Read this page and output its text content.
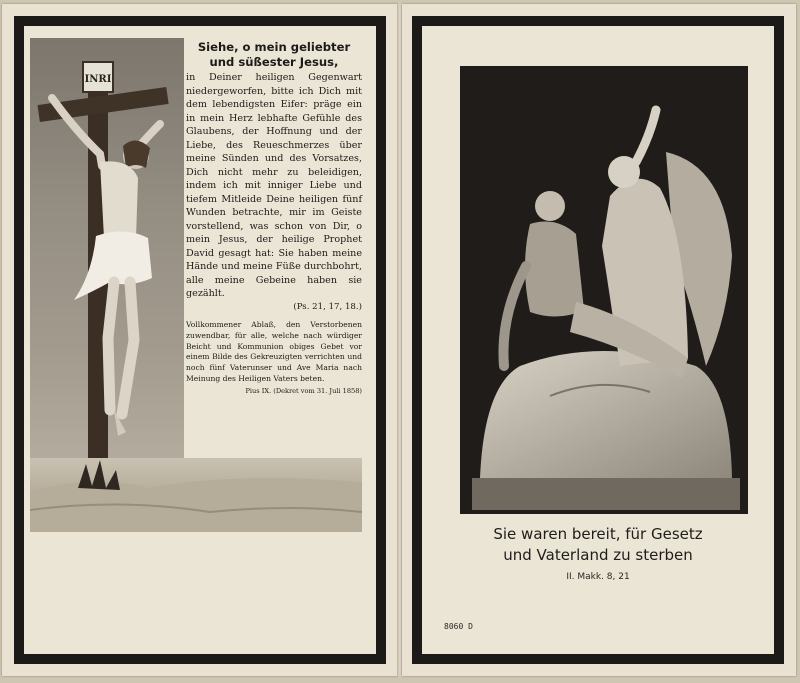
INRI

Siehe, o mein geliebter
und süßester Jesus,

in Deiner heiligen Gegenwart niedergeworfen, bitte ich Dich mit dem lebendigsten Eifer: präge ein in mein Herz lebhafte Gefühle des Glaubens, der Hoffnung und der Liebe, des Reueschmerzes über meine Sünden und des Vorsatzes, Dich nicht mehr zu beleidigen, indem ich mit inniger Liebe und tiefem Mitleide Deine heiligen fünf Wunden betrachte, mir im Geiste vorstellend, was schon von Dir, o mein Jesus, der heilige Prophet David gesagt hat: Sie haben meine Hände und meine Füße durchbohrt, alle meine Gebeine haben sie gezählt.
(Ps. 21, 17, 18.)

Vollkommener Ablaß, den Verstorbenen zuwendbar, für alle, welche nach würdiger Beicht und Kommunion obiges Gebet vor einem Bilde des Gekreuzigten verrichten und noch fünf Vaterunser und Ave Maria nach Meinung des Heiligen Vaters beten.
Pius IX. (Dekret vom 31. Juli 1858)
Sie waren bereit, für Gesetz
und Vaterland zu sterben
II. Makk. 8, 21
8060 D
